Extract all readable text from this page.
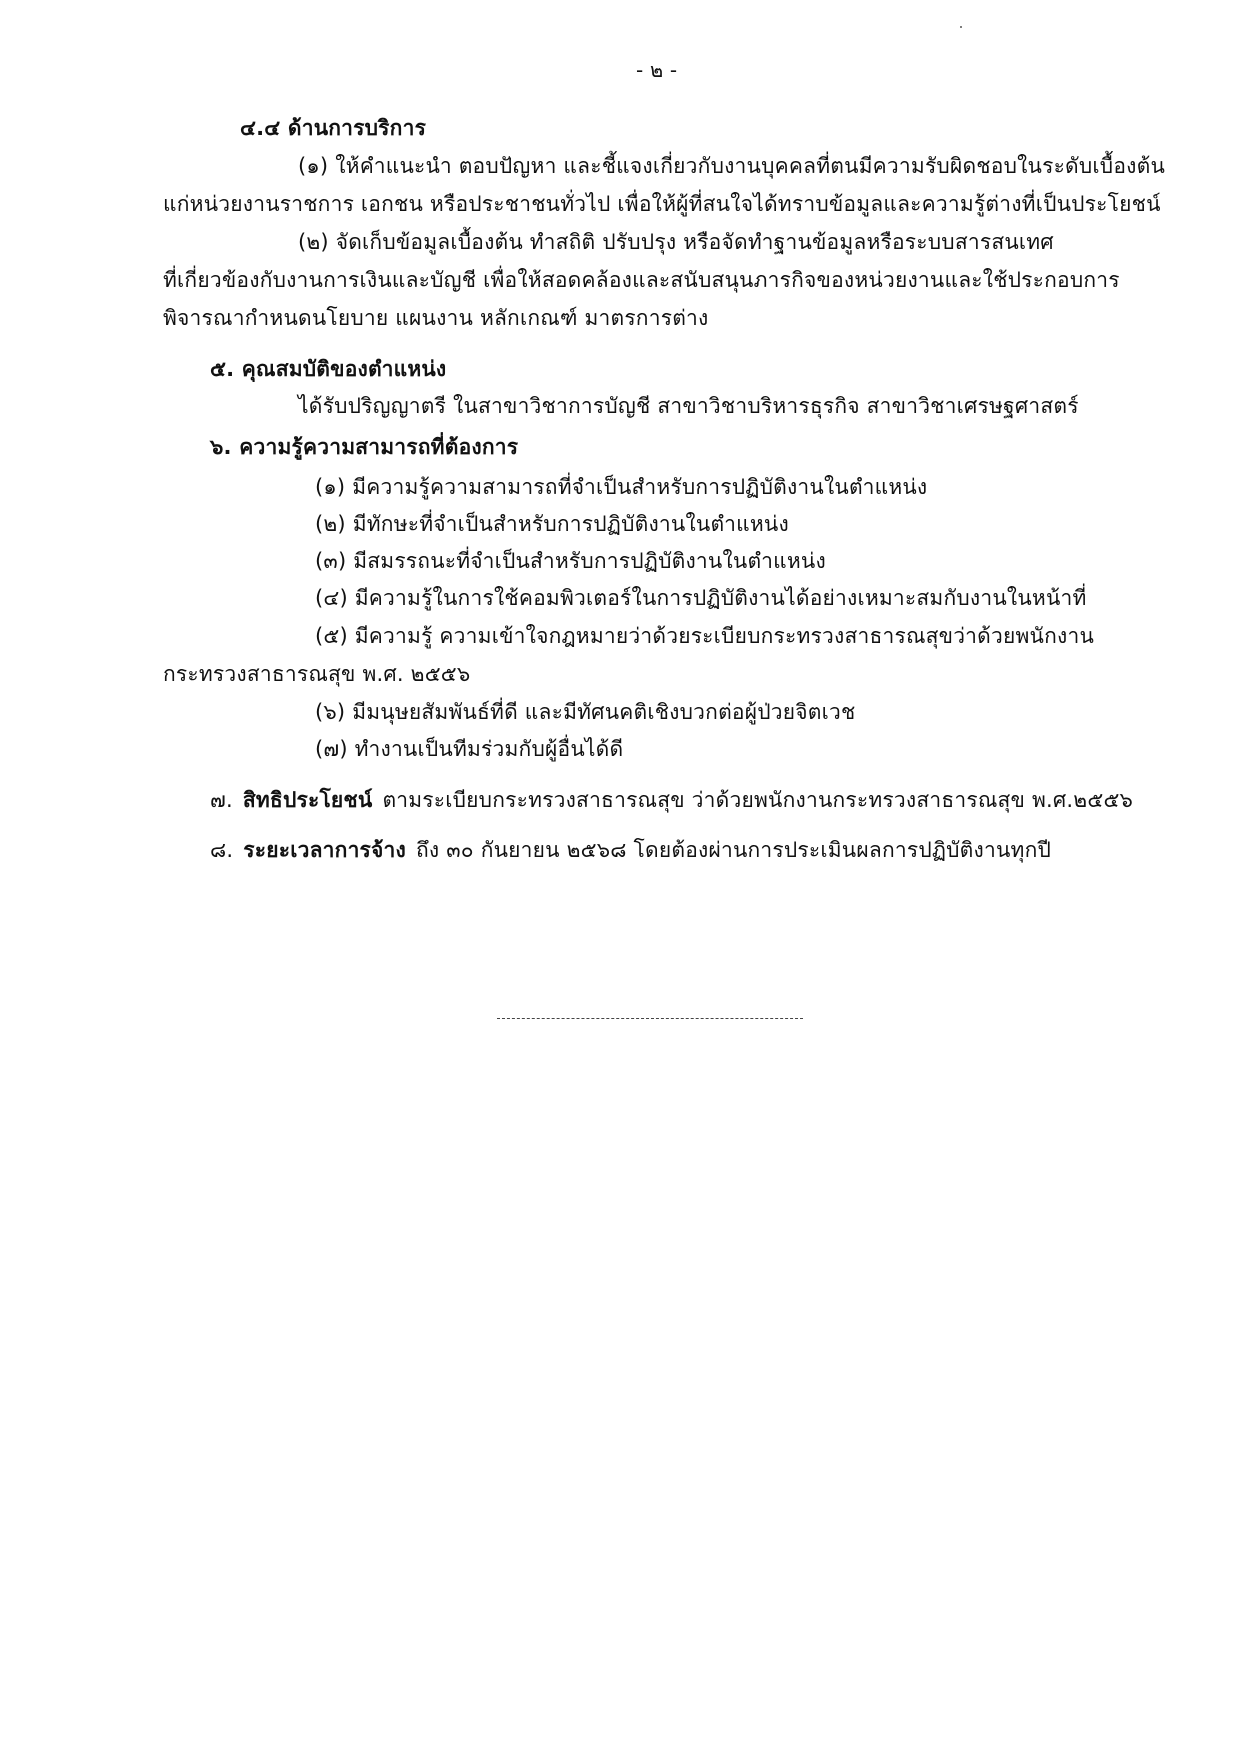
- ๒ -
๔.๔ ด้านการบริการ
(๑) ให้คำแนะนำ ตอบปัญหา และชี้แจงเกี่ยวกับงานบุคคลที่ตนมีความรับผิดชอบในระดับเบื้องต้น
แก่หน่วยงานราชการ เอกชน หรือประชาชนทั่วไป เพื่อให้ผู้ที่สนใจได้ทราบข้อมูลและความรู้ต่างที่เป็นประโยชน์
(๒) จัดเก็บข้อมูลเบื้องต้น ทำสถิติ ปรับปรุง หรือจัดทำฐานข้อมูลหรือระบบสารสนเทศ
ที่เกี่ยวข้องกับงานการเงินและบัญชี เพื่อให้สอดคล้องและสนับสนุนภารกิจของหน่วยงานและใช้ประกอบการ
พิจารณากำหนดนโยบาย แผนงาน หลักเกณฑ์ มาตรการต่าง
๕. คุณสมบัติของตำแหน่ง
ได้รับปริญญาตรี ในสาขาวิชาการบัญชี สาขาวิชาบริหารธุรกิจ สาขาวิชาเศรษฐศาสตร์
๖. ความรู้ความสามารถที่ต้องการ
(๑) มีความรู้ความสามารถที่จำเป็นสำหรับการปฏิบัติงานในตำแหน่ง
(๒) มีทักษะที่จำเป็นสำหรับการปฏิบัติงานในตำแหน่ง
(๓) มีสมรรถนะที่จำเป็นสำหรับการปฏิบัติงานในตำแหน่ง
(๔) มีความรู้ในการใช้คอมพิวเตอร์ในการปฏิบัติงานได้อย่างเหมาะสมกับงานในหน้าที่
(๕) มีความรู้ ความเข้าใจกฎหมายว่าด้วยระเบียบกระทรวงสาธารณสุขว่าด้วยพนักงาน
กระทรวงสาธารณสุข พ.ศ. ๒๕๕๖
(๖) มีมนุษยสัมพันธ์ที่ดี และมีทัศนคติเชิงบวกต่อผู้ป่วยจิตเวช
(๗) ทำงานเป็นทีมร่วมกับผู้อื่นได้ดี
๗. สิทธิประโยชน์ ตามระเบียบกระทรวงสาธารณสุข ว่าด้วยพนักงานกระทรวงสาธารณสุข พ.ศ.๒๕๕๖
๘. ระยะเวลาการจ้าง ถึง ๓๐ กันยายน ๒๕๖๘ โดยต้องผ่านการประเมินผลการปฏิบัติงานทุกปี
